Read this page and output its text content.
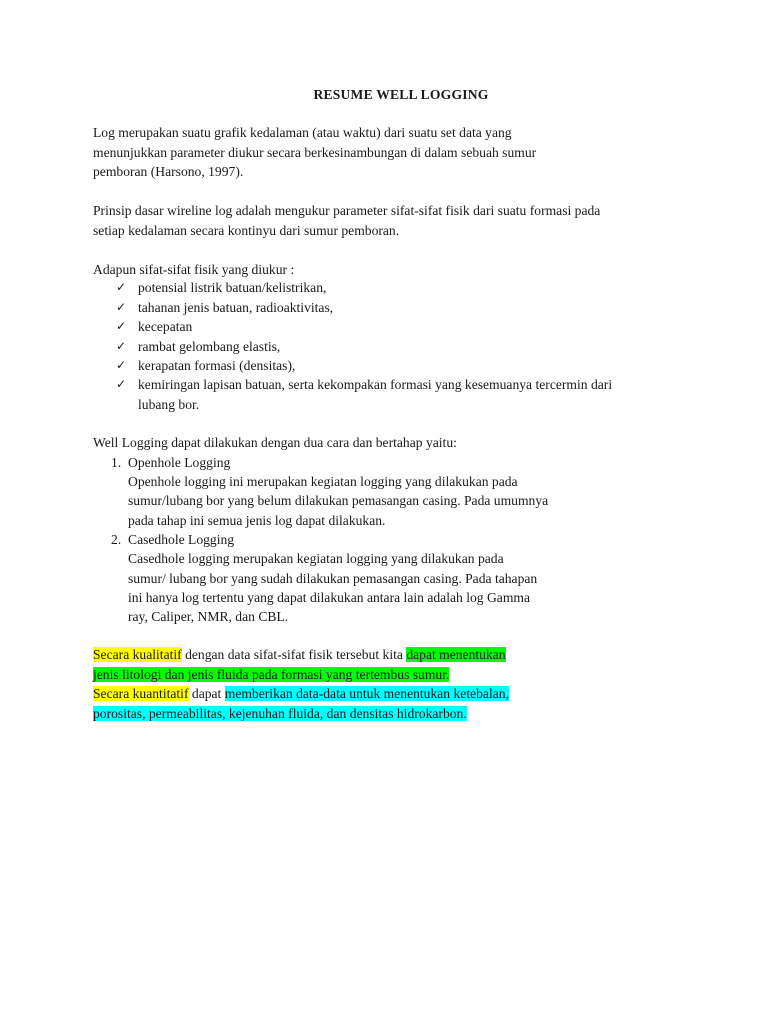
RESUME WELL LOGGING
Log merupakan suatu grafik kedalaman (atau waktu) dari suatu set data yang
menunjukkan parameter diukur secara berkesinambungan di dalam sebuah sumur
pemboran (Harsono, 1997).
Prinsip dasar wireline log adalah mengukur parameter sifat-sifat fisik dari suatu formasi pada
setiap kedalaman secara kontinyu dari sumur pemboran.
Adapun sifat-sifat fisik yang diukur :
✓ potensial listrik batuan/kelistrikan,
✓ tahanan jenis batuan, radioaktivitas,
✓ kecepatan
✓ rambat gelombang elastis,
✓ kerapatan formasi (densitas),
✓ kemiringan lapisan batuan, serta kekompakan formasi yang kesemuanya tercermin dari
lubang bor.
Well Logging dapat dilakukan dengan dua cara dan bertahap yaitu:
1. Openhole Logging
Openhole logging ini merupakan kegiatan logging yang dilakukan pada
sumur/lubang bor yang belum dilakukan pemasangan casing. Pada umumnya
pada tahap ini semua jenis log dapat dilakukan.
2. Casedhole Logging
Casedhole logging merupakan kegiatan logging yang dilakukan pada
sumur/ lubang bor yang sudah dilakukan pemasangan casing. Pada tahapan
ini hanya log tertentu yang dapat dilakukan antara lain adalah log Gamma
ray, Caliper, NMR, dan CBL.
Secara kualitatif dengan data sifat-sifat fisik tersebut kita dapat menentukan
jenis litologi dan jenis fluida pada formasi yang tertembus sumur.
Secara kuantitatif dapat memberikan data-data untuk menentukan ketebalan,
porositas, permeabilitas, kejenuhan fluida, dan densitas hidrokarbon.
